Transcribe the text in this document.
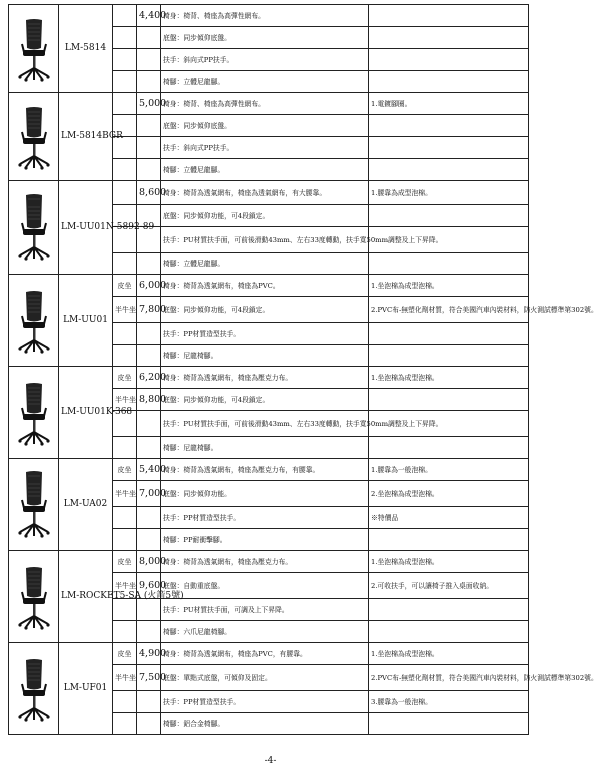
	LM-5814		4,400	椅身：椅背、椅座為高彈性網布。	
				底盤：同步傾仰底盤。	
				扶手：斜向式PP扶手。	
				椅腳：立體尼龍腳。	

	LM-5814BGR		5,000	椅身：椅背、椅座為高彈性網布。	1.電鍍腳圈。
				底盤：同步傾仰底盤。	
				扶手：斜向式PP扶手。	
				椅腳：立體尼龍腳。	

	LM-UU01N-5892-89		8,600	椅身：椅背為透氣網布，椅座為透氣網布，有大腰靠。	1.腰靠為成型泡棉。
				底盤：同步傾仰功能，可4段鎖定。	
				扶手：PU材質扶手面，可前後滑動43mm、左右33度轉動，扶手寬50mm調整及上下昇降。	
				椅腳：立體尼龍腳。	

	LM-UU01	皮坐	6,000	椅身：椅背為透氣網布，椅座為PVC。	1.坐泡棉為成型泡棉。
		半牛坐	7,800	底盤：同步傾仰功能，可4段鎖定。	2.PVC布-無塑化劑材質，符合美國汽車內裝材料，防火測試標準第302號。
				扶手：PP材質造型扶手。	
				椅腳：尼龍椅腳。	

	LM-UU01K-368	皮坐	6,200	椅身：椅背為透氣網布，椅座為壓克力布。	1.坐泡棉為成型泡棉。
		半牛坐	8,800	底盤：同步傾仰功能，可4段鎖定。	
				扶手：PU材質扶手面，可前後滑動43mm、左右33度轉動，扶手寬50mm調整及上下昇降。	
				椅腳：尼龍椅腳。	

	LM-UA02	皮坐	5,400	椅身：椅背為透氣網布，椅座為壓克力布，有腰靠。	1.腰靠為一般泡棉。
		半牛坐	7,000	底盤：同步傾仰功能。	2.坐泡棉為成型泡棉。
				扶手：PP材質造型扶手。	※特價品
				椅腳：PP耐衝擊腳。	

	LM-ROCKET5-SA (火箭5號)	皮坐	8,000	椅身：椅背為透氣網布，椅座為壓克力布。	1.坐泡棉為成型泡棉。
		半牛坐	9,600	底盤：自動重底盤。	2.可收扶手，可以讓椅子推入桌面收納。
				扶手：PU材質扶手面，可調及上下昇降。	
				椅腳：六爪尼龍椅腳。	

	LM-UF01	皮坐	4,900	椅身：椅背為透氣網布，椅座為PVC，有腰靠。	1.坐泡棉為成型泡棉。
		半牛坐	7,500	底盤：單點式底盤，可傾仰及固定。	2.PVC布-無塑化劑材質，符合美國汽車內裝材料，防火測試標準第302號。
				扶手：PP材質造型扶手。	3.腰靠為一般泡棉。
				椅腳：鋁合金椅腳。	
-4-
